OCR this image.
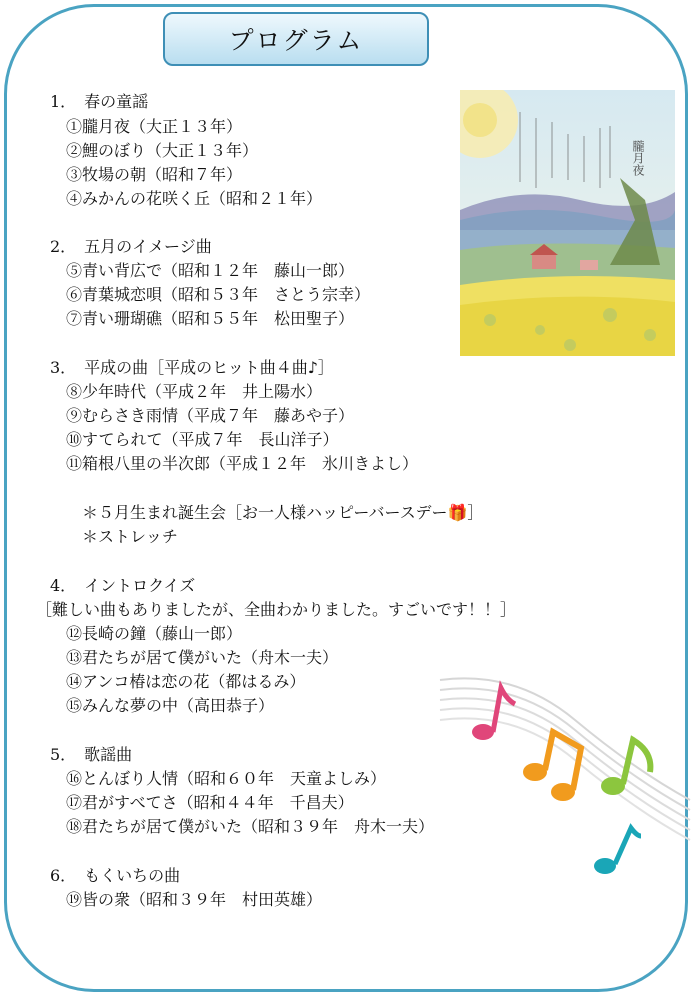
プログラム
朧月夜
1．　春の童謡
　①朧月夜（大正１３年）
　②鯉のぼり（大正１３年）
　③牧場の朝（昭和７年）
　④みかんの花咲く丘（昭和２１年）
2．　五月のイメージ曲
　⑤青い背広で（昭和１２年　藤山一郎）
　⑥青葉城恋唄（昭和５３年　さとう宗幸）
　⑦青い珊瑚礁（昭和５５年　松田聖子）
3．　平成の曲［平成のヒット曲４曲♪］
　⑧少年時代（平成２年　井上陽水）
　⑨むらさき雨情（平成７年　藤あや子）
　⑩すてられて（平成７年　長山洋子）
　⑪箱根八里の半次郎（平成１２年　氷川きよし）
　　＊５月生まれ誕生会［お一人様ハッピーバースデー🎁］
　　＊ストレッチ
4．　イントロクイズ
［難しい曲もありましたが、全曲わかりました。すごいです！！］
　⑫長崎の鐘（藤山一郎）
　⑬君たちが居て僕がいた（舟木一夫）
　⑭アンコ椿は恋の花（都はるみ）
　⑮みんな夢の中（高田恭子）
5．　歌謡曲
　⑯とんぼり人情（昭和６０年　天童よしみ）
　⑰君がすべてさ（昭和４４年　千昌夫）
　⑱君たちが居て僕がいた（昭和３９年　舟木一夫）
6．　もくいちの曲
　⑲皆の衆（昭和３９年　村田英雄）
